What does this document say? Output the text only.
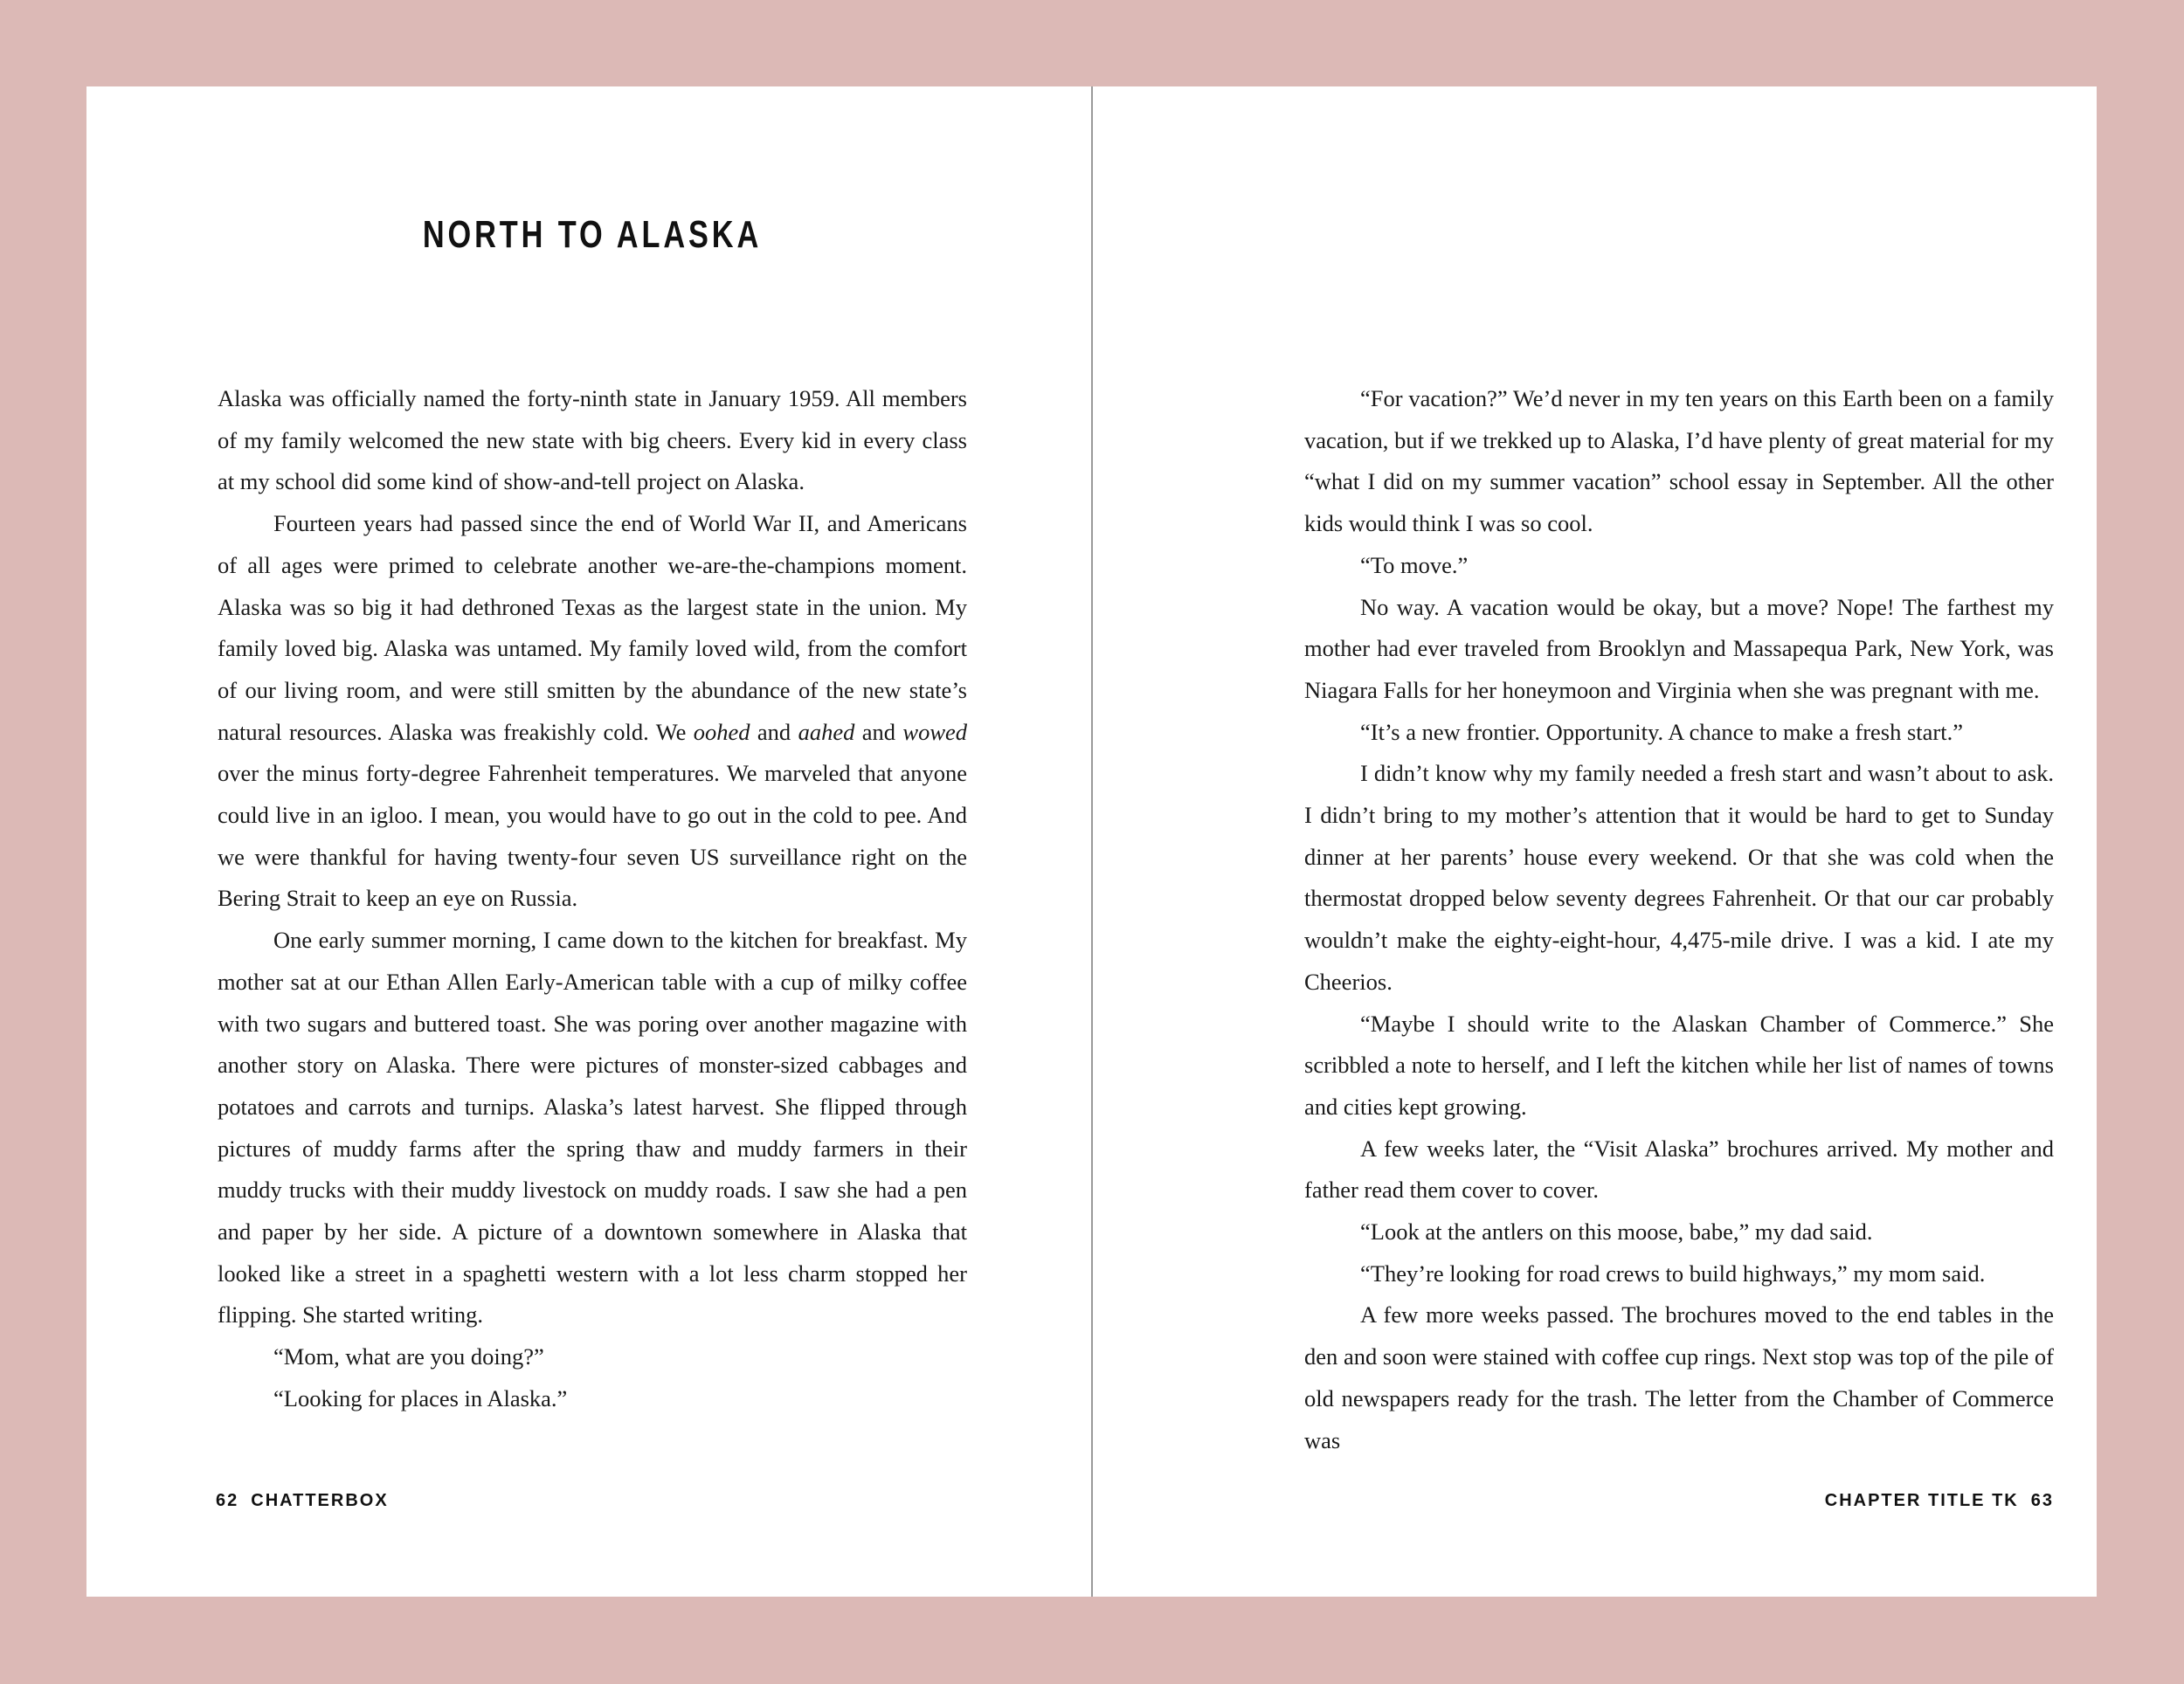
NORTH TO ALASKA

Alaska was officially named the forty-ninth state in January 1959. All members of my family welcomed the new state with big cheers. Every kid in every class at my school did some kind of show-and-tell project on Alaska.

Fourteen years had passed since the end of World War II, and Americans of all ages were primed to celebrate another we-are-the-champions moment. Alaska was so big it had dethroned Texas as the largest state in the union. My family loved big. Alaska was untamed. My family loved wild, from the comfort of our living room, and were still smitten by the abundance of the new state’s natural resources. Alaska was freakishly cold. We oohed and aahed and wowed over the minus forty-degree Fahrenheit temperatures. We marveled that anyone could live in an igloo. I mean, you would have to go out in the cold to pee. And we were thankful for having twenty-four seven US surveillance right on the Bering Strait to keep an eye on Russia.

One early summer morning, I came down to the kitchen for breakfast. My mother sat at our Ethan Allen Early-American table with a cup of milky coffee with two sugars and buttered toast. She was poring over another magazine with another story on Alaska. There were pictures of monster-sized cabbages and potatoes and carrots and turnips. Alaska’s latest harvest. She flipped through pictures of muddy farms after the spring thaw and muddy farmers in their muddy trucks with their muddy livestock on muddy roads. I saw she had a pen and paper by her side. A picture of a downtown somewhere in Alaska that looked like a street in a spaghetti western with a lot less charm stopped her flipping. She started writing.

“Mom, what are you doing?”

“Looking for places in Alaska.”

62 CHATTERBOX

“For vacation?” We’d never in my ten years on this Earth been on a family vacation, but if we trekked up to Alaska, I’d have plenty of great material for my “what I did on my summer vacation” school essay in September. All the other kids would think I was so cool.

“To move.”

No way. A vacation would be okay, but a move? Nope! The farthest my mother had ever traveled from Brooklyn and Massapequa Park, New York, was Niagara Falls for her honeymoon and Virginia when she was pregnant with me.

“It’s a new frontier. Opportunity. A chance to make a fresh start.”

I didn’t know why my family needed a fresh start and wasn’t about to ask. I didn’t bring to my mother’s attention that it would be hard to get to Sunday dinner at her parents’ house every weekend. Or that she was cold when the thermostat dropped below seventy degrees Fahrenheit. Or that our car probably wouldn’t make the eighty-eight-hour, 4,475-mile drive. I was a kid. I ate my Cheerios.

“Maybe I should write to the Alaskan Chamber of Commerce.” She scribbled a note to herself, and I left the kitchen while her list of names of towns and cities kept growing.

A few weeks later, the “Visit Alaska” brochures arrived. My mother and father read them cover to cover.

“Look at the antlers on this moose, babe,” my dad said.

“They’re looking for road crews to build highways,” my mom said.

A few more weeks passed. The brochures moved to the end tables in the den and soon were stained with coffee cup rings. Next stop was top of the pile of old newspapers ready for the trash. The letter from the Chamber of Commerce was

CHAPTER TITLE TK 63
